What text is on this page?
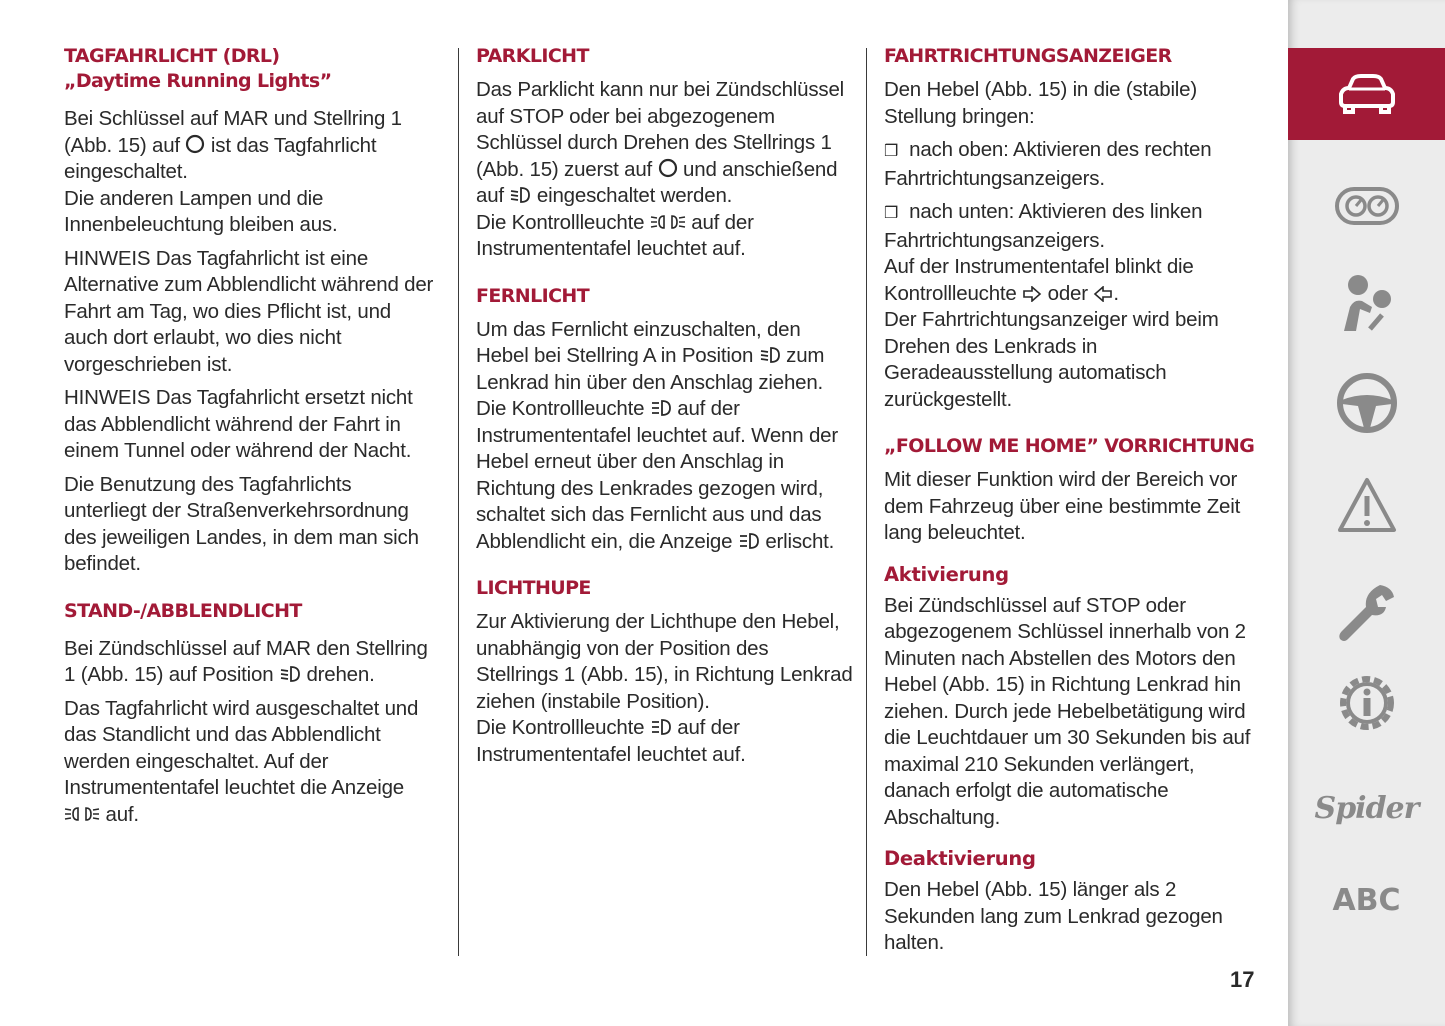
TAGFAHRLICHT (DRL)
„Daytime Running Lights”

Bei Schlüssel auf MAR und Stellring 1 (Abb. 15) auf ist das Tagfahrlicht eingeschaltet.
Die anderen Lampen und die Innenbeleuchtung bleiben aus.

HINWEIS Das Tagfahrlicht ist eine Alternative zum Abblendlicht während der Fahrt am Tag, wo dies Pflicht ist, und auch dort erlaubt, wo dies nicht vorgeschrieben ist.

HINWEIS Das Tagfahrlicht ersetzt nicht das Abblendlicht während der Fahrt in einem Tunnel oder während der Nacht.

Die Benutzung des Tagfahrlichts unterliegt der Straßenverkehrsordnung des jeweiligen Landes, in dem man sich befindet.

STAND-/ABBLENDLICHT

Bei Zündschlüssel auf MAR den Stellring 1 (Abb. 15) auf Position drehen.

Das Tagfahrlicht wird ausgeschaltet und das Standlicht und das Abblendlicht werden eingeschaltet. Auf der Instrumententafel leuchtet die Anzeige

auf.

PARKLICHT

Das Parklicht kann nur bei Zündschlüssel auf STOP oder bei abgezogenem Schlüssel durch Drehen des Stellrings 1 (Abb. 15) zuerst auf und anschießend auf eingeschaltet werden.
Die Kontrollleuchte auf der Instrumententafel leuchtet auf.

FERNLICHT

Um das Fernlicht einzuschalten, den Hebel bei Stellring A in Position zum Lenkrad hin über den Anschlag ziehen.
Die Kontrollleuchte auf der Instrumententafel leuchtet auf. Wenn der Hebel erneut über den Anschlag in Richtung des Lenkrades gezogen wird, schaltet sich das Fernlicht aus und das Abblendlicht ein, die Anzeige erlischt.

LICHTHUPE

Zur Aktivierung der Lichthupe den Hebel, unabhängig von der Position des Stellrings 1 (Abb. 15), in Richtung Lenkrad ziehen (instabile Position).
Die Kontrollleuchte auf der Instrumententafel leuchtet auf.

FAHRTRICHTUNGSANZEIGER

Den Hebel (Abb. 15) in die (stabile) Stellung bringen:

❒ nach oben: Aktivieren des rechten Fahrtrichtungsanzeigers.

❒ nach unten: Aktivieren des linken Fahrtrichtungsanzeigers.

Auf der Instrumententafel blinkt die Kontrollleuchte oder .

Der Fahrtrichtungsanzeiger wird beim Drehen des Lenkrads in Geradeausstellung automatisch zurückgestellt.

„FOLLOW ME HOME” VORRICHTUNG

Mit dieser Funktion wird der Bereich vor dem Fahrzeug über eine bestimmte Zeit lang beleuchtet.

Aktivierung

Bei Zündschlüssel auf STOP oder abgezogenem Schlüssel innerhalb von 2 Minuten nach Abstellen des Motors den Hebel (Abb. 15) in Richtung Lenkrad hin ziehen. Durch jede Hebelbetätigung wird die Leuchtdauer um 30 Sekunden bis auf maximal 210 Sekunden verlängert, danach erfolgt die automatische Abschaltung.

Deaktivierung

Den Hebel (Abb. 15) länger als 2 Sekunden lang zum Lenkrad gezogen halten.

17
Spider
ABC
